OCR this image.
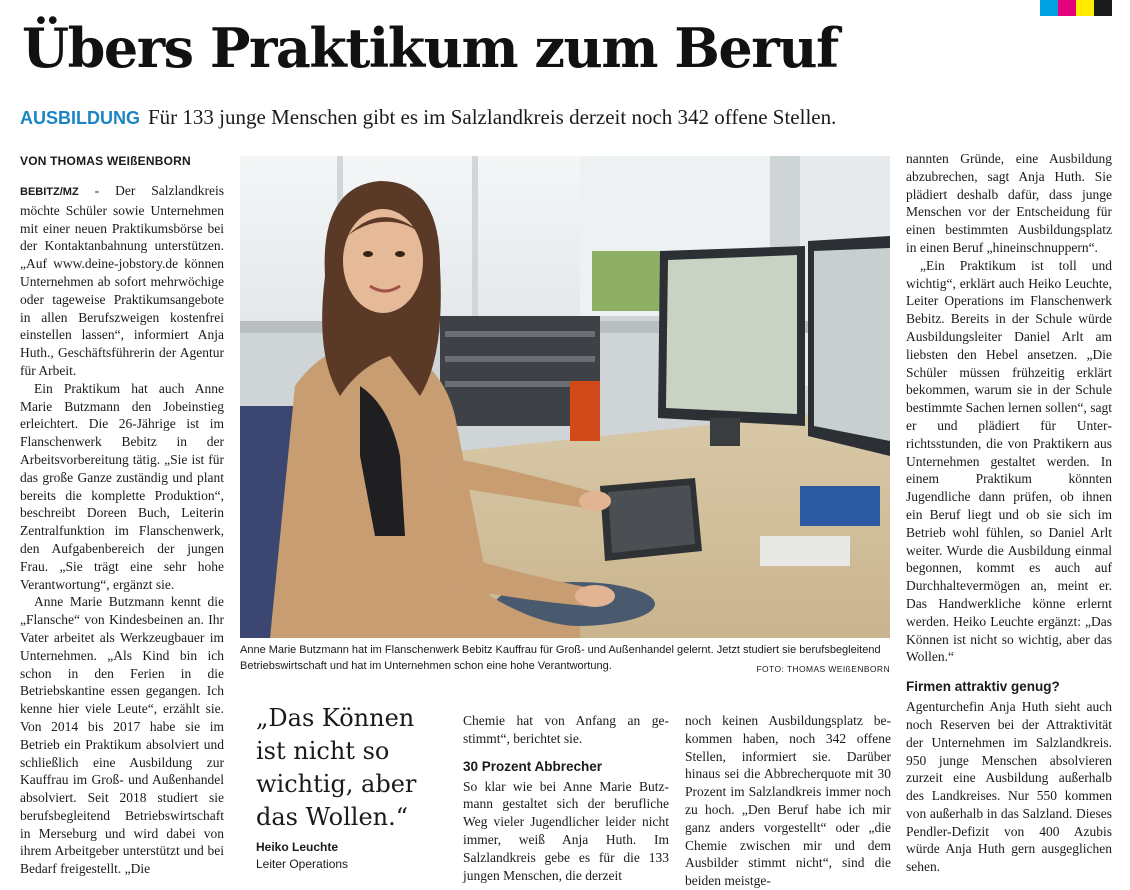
Übers Praktikum zum Beruf
AUSBILDUNG Für 133 junge Menschen gibt es im Salzlandkreis derzeit noch 342 offene Stellen.
VON THOMAS WEIßENBORN

BEBITZ/MZ - Der Salzlandkreis möchte Schüler sowie Unternehmen mit einer neuen Praktikumsbörse bei der Kontaktanbahnung unterstützen. „Auf www.deine-jobstory.de können Unternehmen ab sofort mehrwöchige oder tageweise Praktikumsangebote in allen Berufszweigen kostenfrei einstellen lassen“, informiert Anja Huth., Geschäftsführerin der Agentur für Arbeit.

Ein Praktikum hat auch Anne Marie Butzmann den Jobeinstieg erleichtert. Die 26-Jährige ist im Flanschenwerk Bebitz in der Arbeitsvorbereitung tätig. „Sie ist für das große Ganze zuständig und plant bereits die komplette Produktion“, beschreibt Doreen Buch, Leiterin Zentralfunktion im Flanschenwerk, den Aufgabenbereich der jungen Frau. „Sie trägt eine sehr hohe Verantwortung“, ergänzt sie.

Anne Marie Butzmann kennt die „Flansche“ von Kindesbeinen an. Ihr Vater arbeitet als Werkzeugbauer im Unternehmen. „Als Kind bin ich schon in den Ferien in die Betriebskantine essen gegangen. Ich kenne hier viele Leute“, erzählt sie. Von 2014 bis 2017 habe sie im Betrieb ein Praktikum absolviert und schließlich eine Ausbildung zur Kauffrau im Groß- und Außenhandel absolviert. Seit 2018 studiert sie berufsbegleitend Betriebswirtschaft in Merseburg und wird dabei von ihrem Arbeitgeber unterstützt und bei Bedarf freigestellt. „Die

Anne Marie Butzmann hat im Flanschenwerk Bebitz Kauffrau für Groß- und Außenhandel gelernt. Jetzt studiert sie berufsbegleitend Betriebswirtschaft und hat im Unternehmen schon eine hohe Verantwortung.	FOTO: THOMAS WEIßENBORN
„Das Können ist nicht so wichtig, aber das Wollen.“
Heiko Leuchte
Leiter Operations

Chemie hat von Anfang an gestimmt“, berichtet sie.

30 Prozent Abbrecher

So klar wie bei Anne Marie Butzmann gestaltet sich der berufliche Weg vieler Jugendlicher leider nicht immer, weiß Anja Huth. Im Salzlandkreis gebe es für die 133 jungen Menschen, die derzeit

noch keinen Ausbildungsplatz bekommen haben, noch 342 offene Stellen, informiert sie. Darüber hinaus sei die Abbrecherquote mit 30 Prozent im Salzlandkreis immer noch zu hoch. „Den Beruf habe ich mir ganz anders vorgestellt“ oder „die Chemie zwischen mir und dem Ausbilder stimmt nicht“, sind die beiden meistge-

nannten Gründe, eine Ausbildung abzubrechen, sagt Anja Huth. Sie plädiert deshalb dafür, dass junge Menschen vor der Entscheidung für einen bestimmten Ausbildungsplatz in einen Beruf „hineinschnuppern“.

„Ein Praktikum ist toll und wichtig“, erklärt auch Heiko Leuchte, Leiter Operations im Flanschenwerk Bebitz. Bereits in der Schule würde Ausbildungsleiter Daniel Arlt am liebsten den Hebel ansetzen. „Die Schüler müssen frühzeitig erklärt bekommen, warum sie in der Schule bestimmte Sachen lernen sollen“, sagt er und plädiert für Unterrichtsstunden, die von Praktikern aus Unternehmen gestaltet werden. In einem Praktikum könnten Jugendliche dann prüfen, ob ihnen ein Beruf liegt und ob sie sich im Betrieb wohl fühlen, so Daniel Arlt weiter. Wurde die Ausbildung einmal begonnen, kommt es auch auf Durchhaltevermögen an, meint er. Das Handwerkliche könne erlernt werden. Heiko Leuchte ergänzt: „Das Können ist nicht so wichtig, aber das Wollen.“

Firmen attraktiv genug?

Agenturchefin Anja Huth sieht auch noch Reserven bei der Attraktivität der Unternehmen im Salzlandkreis. 950 junge Menschen absolvieren zurzeit eine Ausbildung außerhalb des Landkreises. Nur 550 kommen von außerhalb in das Salzland. Dieses Pendler-Defizit von 400 Azubis würde Anja Huth gern ausgeglichen sehen.
